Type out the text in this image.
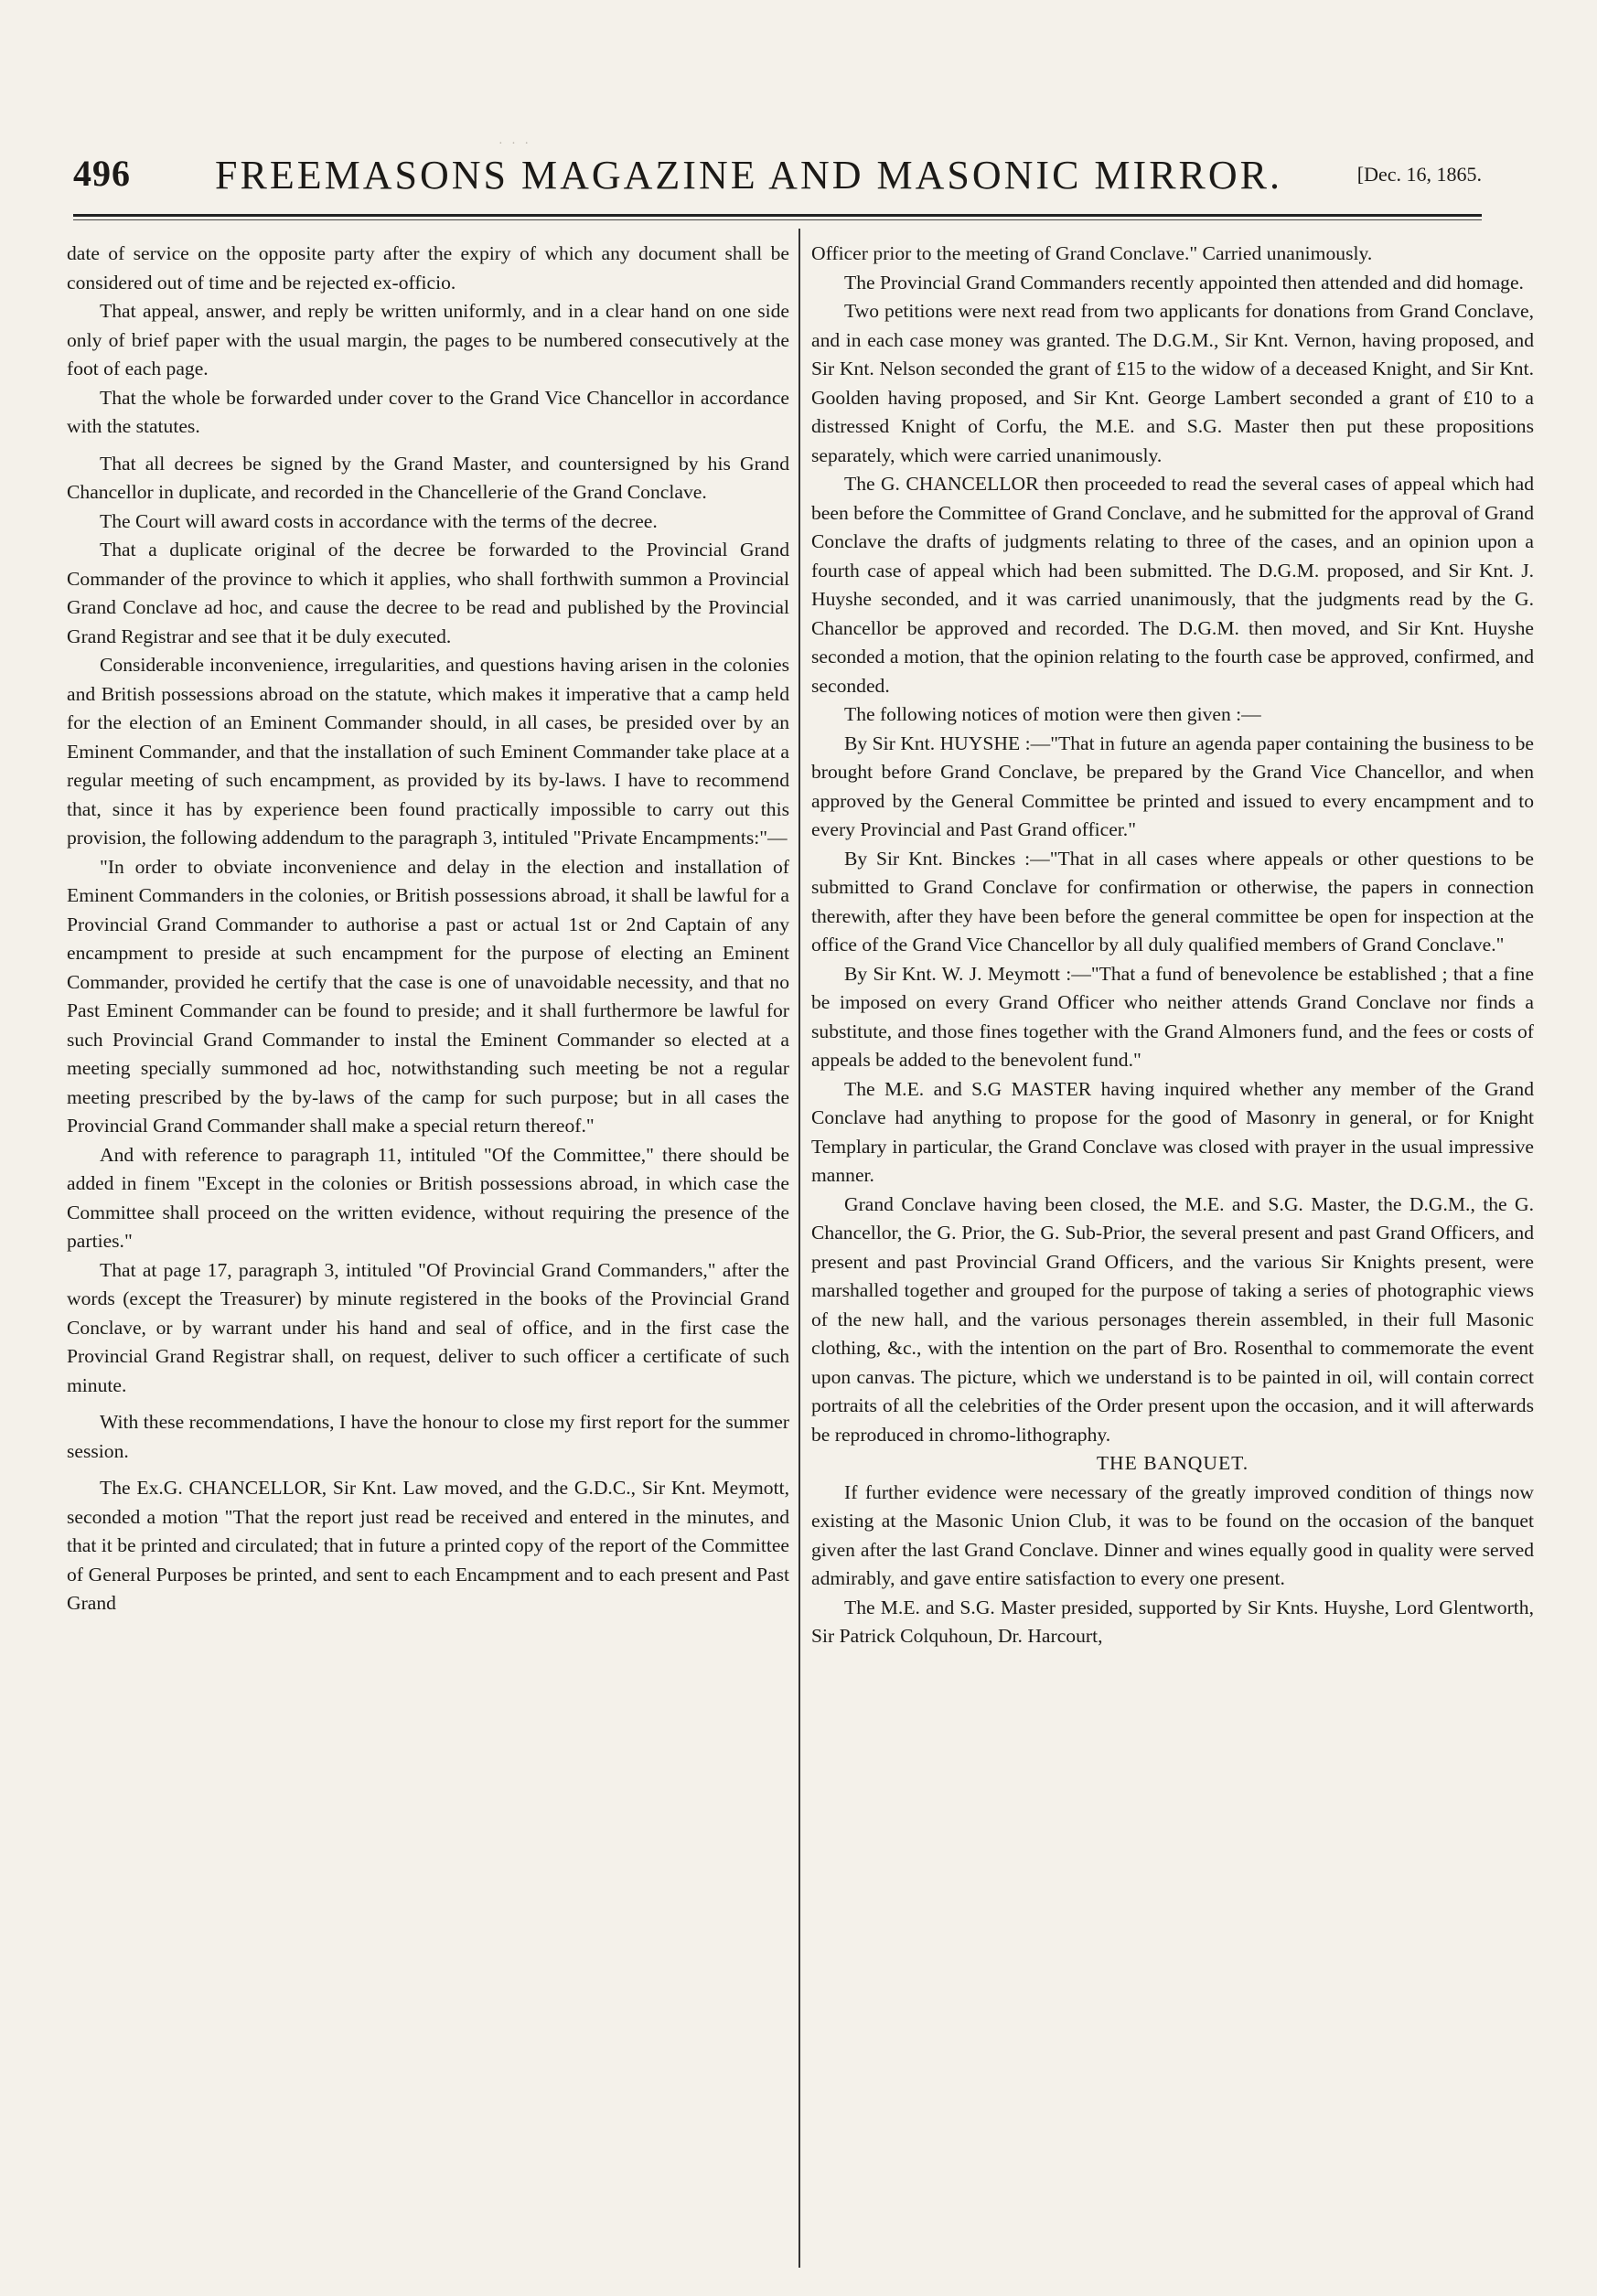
· · ·
496 FREEMASONS MAGAZINE AND MASONIC MIRROR.	[Dec. 16, 1865.

date of service on the opposite party after the expiry of which any document shall be considered out of time and be rejected ex-officio.

That appeal, answer, and reply be written uniformly, and in a clear hand on one side only of brief paper with the usual margin, the pages to be numbered consecutively at the foot of each page.

That the whole be forwarded under cover to the Grand Vice Chancellor in accordance with the statutes.

That all decrees be signed by the Grand Master, and countersigned by his Grand Chancellor in duplicate, and recorded in the Chancellerie of the Grand Conclave.

The Court will award costs in accordance with the terms of the decree.

That a duplicate original of the decree be forwarded to the Provincial Grand Commander of the province to which it applies, who shall forthwith summon a Provincial Grand Conclave ad hoc, and cause the decree to be read and published by the Provincial Grand Registrar and see that it be duly executed.

Considerable inconvenience, irregularities, and questions having arisen in the colonies and British possessions abroad on the statute, which makes it imperative that a camp held for the election of an Eminent Commander should, in all cases, be presided over by an Eminent Commander, and that the installation of such Eminent Commander take place at a regular meeting of such encampment, as provided by its by-laws. I have to recommend that, since it has by experience been found practically impossible to carry out this provision, the following addendum to the paragraph 3, intituled "Private Encampments:"—

"In order to obviate inconvenience and delay in the election and installation of Eminent Commanders in the colonies, or British possessions abroad, it shall be lawful for a Provincial Grand Commander to authorise a past or actual 1st or 2nd Captain of any encampment to preside at such encampment for the purpose of electing an Eminent Commander, provided he certify that the case is one of unavoidable necessity, and that no Past Eminent Commander can be found to preside; and it shall furthermore be lawful for such Provincial Grand Commander to instal the Eminent Commander so elected at a meeting specially summoned ad hoc, notwithstanding such meeting be not a regular meeting prescribed by the by-laws of the camp for such purpose; but in all cases the Provincial Grand Commander shall make a special return thereof."

And with reference to paragraph 11, intituled "Of the Committee," there should be added in finem "Except in the colonies or British possessions abroad, in which case the Committee shall proceed on the written evidence, without requiring the presence of the parties."

That at page 17, paragraph 3, intituled "Of Provincial Grand Commanders," after the words (except the Treasurer) by minute registered in the books of the Provincial Grand Conclave, or by warrant under his hand and seal of office, and in the first case the Provincial Grand Registrar shall, on request, deliver to such officer a certificate of such minute.

With these recommendations, I have the honour to close my first report for the summer session.

The Ex.G. CHANCELLOR, Sir Knt. Law moved, and the G.D.C., Sir Knt. Meymott, seconded a motion "That the report just read be received and entered in the minutes, and that it be printed and circulated; that in future a printed copy of the report of the Committee of General Purposes be printed, and sent to each Encampment and to each present and Past Grand

Officer prior to the meeting of Grand Conclave." Carried unanimously.

The Provincial Grand Commanders recently appointed then attended and did homage.

Two petitions were next read from two applicants for donations from Grand Conclave, and in each case money was granted. The D.G.M., Sir Knt. Vernon, having proposed, and Sir Knt. Nelson seconded the grant of £15 to the widow of a deceased Knight, and Sir Knt. Goolden having proposed, and Sir Knt. George Lambert seconded a grant of £10 to a distressed Knight of Corfu, the M.E. and S.G. Master then put these propositions separately, which were carried unanimously.

The G. CHANCELLOR then proceeded to read the several cases of appeal which had been before the Committee of Grand Conclave, and he submitted for the approval of Grand Conclave the drafts of judgments relating to three of the cases, and an opinion upon a fourth case of appeal which had been submitted. The D.G.M. proposed, and Sir Knt. J. Huyshe seconded, and it was carried unanimously, that the judgments read by the G. Chancellor be approved and recorded. The D.G.M. then moved, and Sir Knt. Huyshe seconded a motion, that the opinion relating to the fourth case be approved, confirmed, and seconded.

The following notices of motion were then given :—

By Sir Knt. HUYSHE :—"That in future an agenda paper containing the business to be brought before Grand Conclave, be prepared by the Grand Vice Chancellor, and when approved by the General Committee be printed and issued to every encampment and to every Provincial and Past Grand officer."

By Sir Knt. Binckes :—"That in all cases where appeals or other questions to be submitted to Grand Conclave for confirmation or otherwise, the papers in connection therewith, after they have been before the general committee be open for inspection at the office of the Grand Vice Chancellor by all duly qualified members of Grand Conclave."

By Sir Knt. W. J. Meymott :—"That a fund of benevolence be established ; that a fine be imposed on every Grand Officer who neither attends Grand Conclave nor finds a substitute, and those fines together with the Grand Almoners fund, and the fees or costs of appeals be added to the benevolent fund."

The M.E. and S.G MASTER having inquired whether any member of the Grand Conclave had anything to propose for the good of Masonry in general, or for Knight Templary in particular, the Grand Conclave was closed with prayer in the usual impressive manner.

Grand Conclave having been closed, the M.E. and S.G. Master, the D.G.M., the G. Chancellor, the G. Prior, the G. Sub-Prior, the several present and past Grand Officers, and present and past Provincial Grand Officers, and the various Sir Knights present, were marshalled together and grouped for the purpose of taking a series of photographic views of the new hall, and the various personages therein assembled, in their full Masonic clothing, &c., with the intention on the part of Bro. Rosenthal to commemorate the event upon canvas. The picture, which we understand is to be painted in oil, will contain correct portraits of all the celebrities of the Order present upon the occasion, and it will afterwards be reproduced in chromo-lithography.

THE BANQUET.

If further evidence were necessary of the greatly improved condition of things now existing at the Masonic Union Club, it was to be found on the occasion of the banquet given after the last Grand Conclave. Dinner and wines equally good in quality were served admirably, and gave entire satisfaction to every one present.

The M.E. and S.G. Master presided, supported by Sir Knts. Huyshe, Lord Glentworth, Sir Patrick Colquhoun, Dr. Harcourt,
